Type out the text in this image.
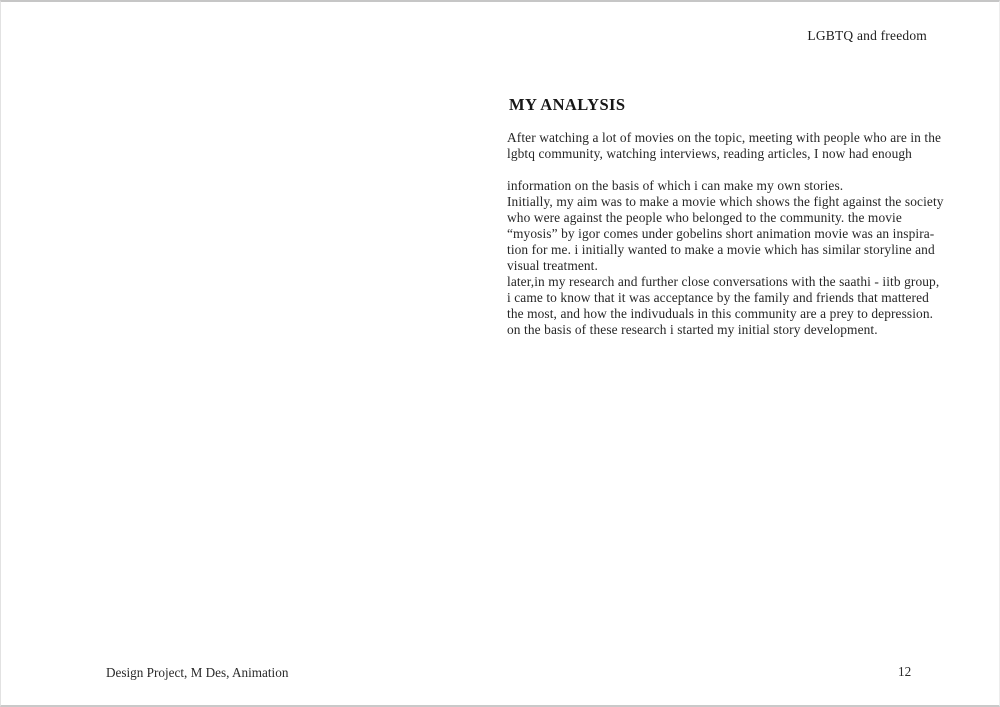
LGBTQ and freedom
MY ANALYSIS
After watching a lot of movies on the topic, meeting with people who are in the
lgbtq community, watching interviews, reading articles, I now had enough

information on the basis of which i can make my own stories.
Initially, my aim was to make a movie which shows the fight against the society
who were against the people who belonged to the community. the movie
“myosis” by igor comes under gobelins short animation movie was an inspira-
tion for me. i initially wanted to make a movie which has similar storyline and
visual treatment.
later,in my research and further close conversations with the saathi - iitb group,
i came to know that it was acceptance by the family and friends that mattered
the most, and how the indivuduals in this community are a prey to depression.
on the basis of these research i started my initial story development.
Design Project, M Des, Animation	12
